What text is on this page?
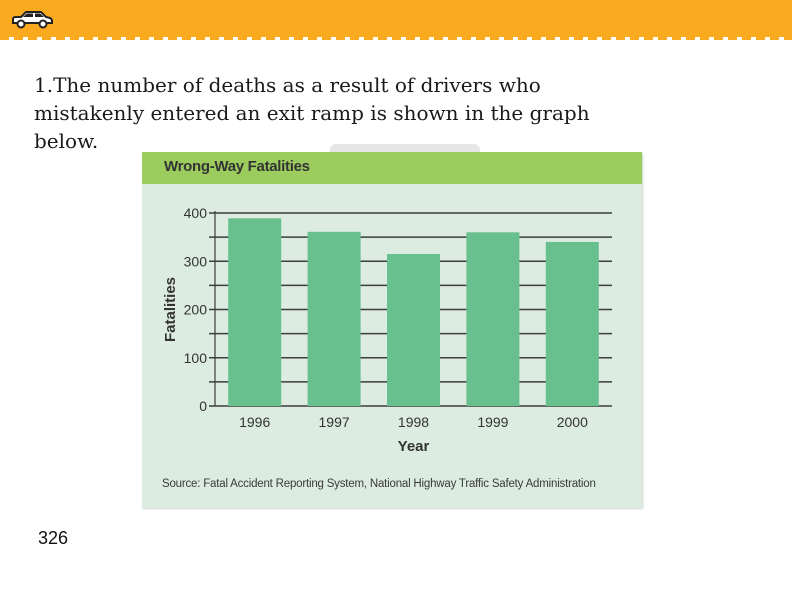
1.The number of deaths as a result of drivers who mistakenly entered an exit ramp is shown in the graph below.
Wrong-Way Fatalities
0
100
200
300
400
1996	1997	1998	1999	2000
Year
Fatalities
Source: Fatal Accident Reporting System, National Highway Traffic Safety Administration
326
